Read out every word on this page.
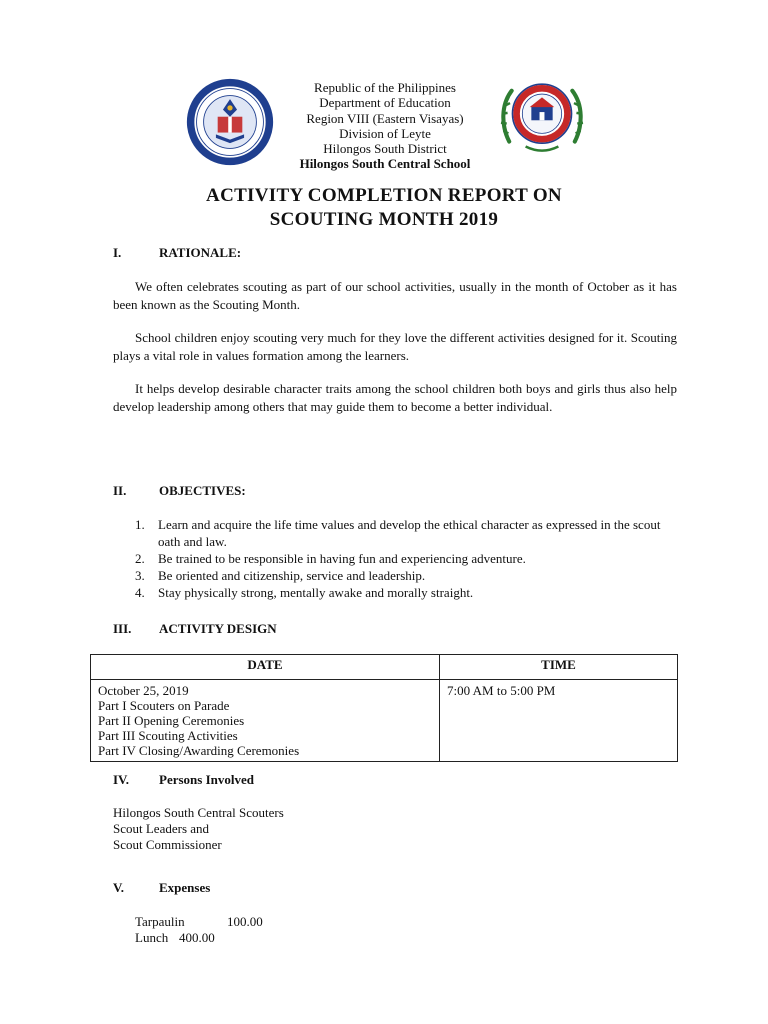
Republic of the Philippines
Department of Education
Region VIII (Eastern Visayas)
Division of Leyte
Hilongos South District
Hilongos South Central School
ACTIVITY COMPLETION REPORT ON
SCOUTING MONTH 2019
I.	RATIONALE:
We often celebrates scouting as part of our school activities, usually in the month of October as it has been known as the Scouting Month.
School children enjoy scouting very much for they love the different activities designed for it. Scouting plays a vital role in values formation among the learners.
It helps develop desirable character traits among the school children both boys and girls thus also help develop leadership among others that may guide them to become a better individual.
II.	OBJECTIVES:
1. Learn and acquire the life time values and develop the ethical character as expressed in the scout oath and law.
2. Be trained to be responsible in having fun and experiencing adventure.
3. Be oriented and citizenship, service and leadership.
4. Stay physically strong, mentally awake and morally straight.
III. ACTIVITY DESIGN
DATE	TIME

October 25, 2019
Part I Scouters on Parade
Part II Opening Ceremonies
Part III Scouting Activities
Part IV Closing/Awarding Ceremonies	7:00 AM to 5:00 PM
IV. Persons Involved
Hilongos South Central Scouters
Scout Leaders and
Scout Commissioner
V.	Expenses
Tarpaulin	100.00
Lunch 400.00
